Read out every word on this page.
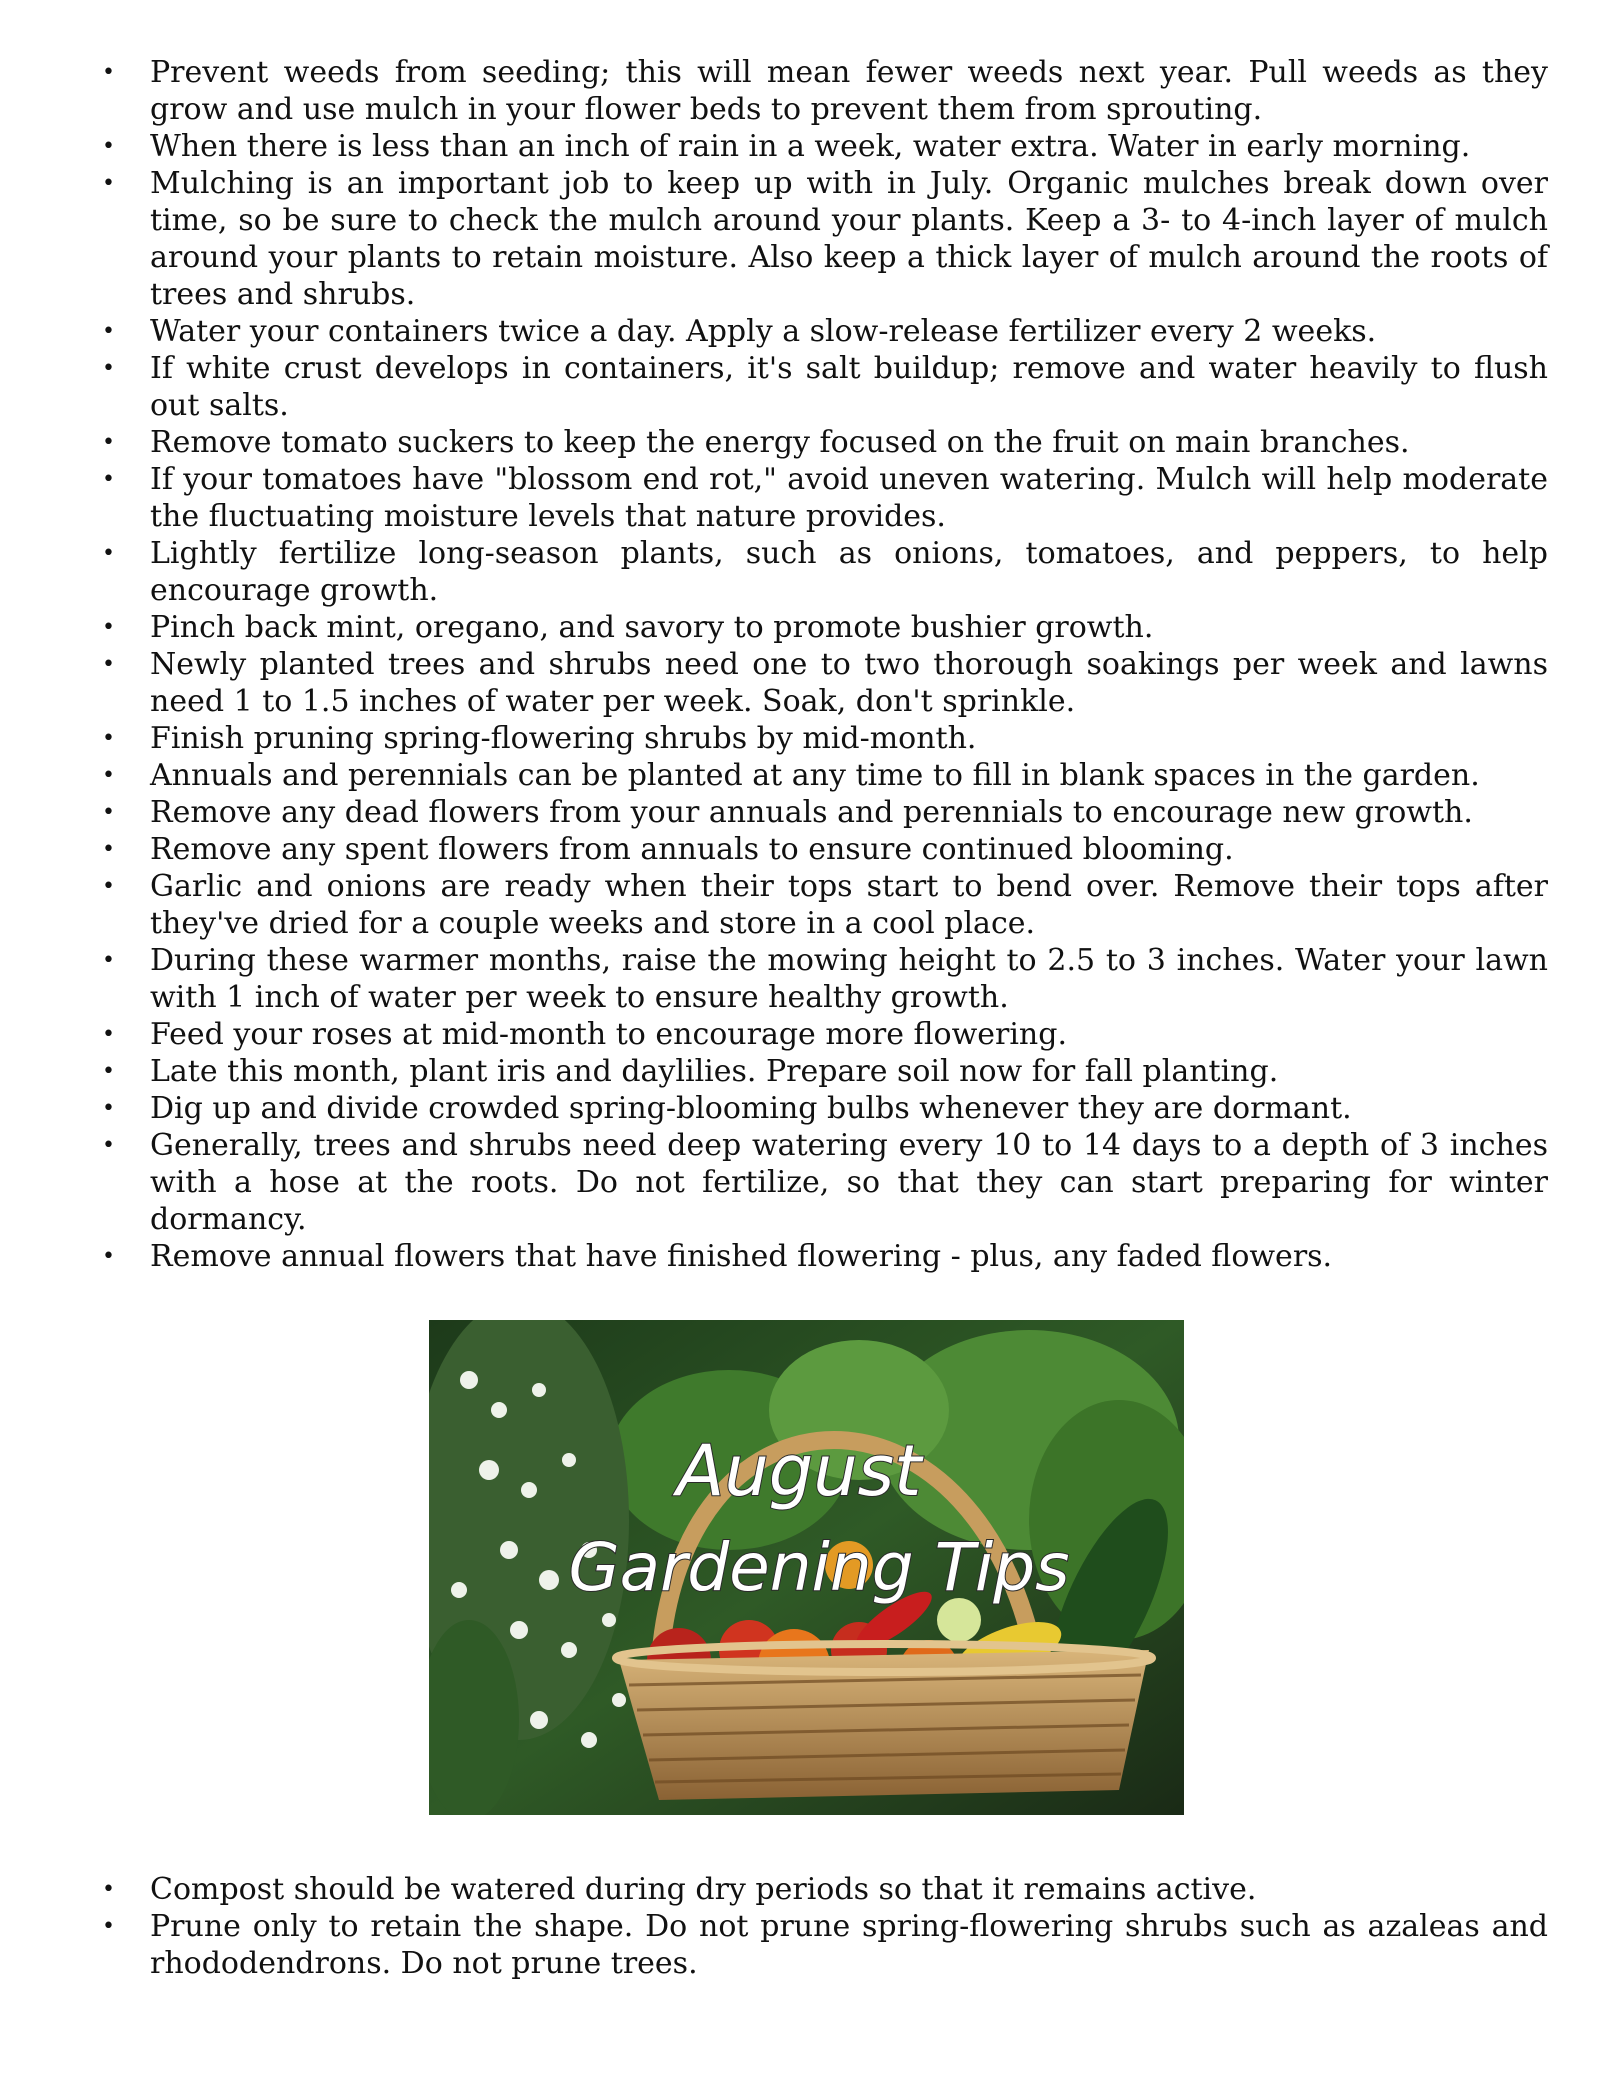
•	Prevent weeds from seeding; this will mean fewer weeds next year. Pull weeds as they grow and use mulch in your flower beds to prevent them from sprouting.
•	When there is less than an inch of rain in a week, water extra. Water in early morning.
•	Mulching is an important job to keep up with in July. Organic mulches break down over time, so be sure to check the mulch around your plants. Keep a 3- to 4-inch layer of mulch around your plants to retain moisture. Also keep a thick layer of mulch around the roots of trees and shrubs.
•	Water your containers twice a day. Apply a slow-release fertilizer every 2 weeks.
•	If white crust develops in containers, it's salt buildup; remove and water heavily to flush out salts.
•	Remove tomato suckers to keep the energy focused on the fruit on main branches.
•	If your tomatoes have "blossom end rot," avoid uneven watering. Mulch will help moderate the fluctuating moisture levels that nature provides.
•	Lightly fertilize long-season plants, such as onions, tomatoes, and peppers, to help encourage growth.
•	Pinch back mint, oregano, and savory to promote bushier growth.
•	Newly planted trees and shrubs need one to two thorough soakings per week and lawns need 1 to 1.5 inches of water per week. Soak, don't sprinkle.
•	Finish pruning spring-flowering shrubs by mid-month.
•	Annuals and perennials can be planted at any time to fill in blank spaces in the garden.
•	Remove any dead flowers from your annuals and perennials to encourage new growth.
•	Remove any spent flowers from annuals to ensure continued blooming.
•	Garlic and onions are ready when their tops start to bend over. Remove their tops after they've dried for a couple weeks and store in a cool place.
•	During these warmer months, raise the mowing height to 2.5 to 3 inches. Water your lawn with 1 inch of water per week to ensure healthy growth.
•	Feed your roses at mid-month to encourage more flowering.
•	Late this month, plant iris and daylilies. Prepare soil now for fall planting.
•	Dig up and divide crowded spring-blooming bulbs whenever they are dormant.
•	Generally, trees and shrubs need deep watering every 10 to 14 days to a depth of 3 inches with a hose at the roots. Do not fertilize, so that they can start preparing for winter dormancy.
•	Remove annual flowers that have finished flowering - plus, any faded flowers.
August
Gardening Tips
•	Compost should be watered during dry periods so that it remains active.
•	Prune only to retain the shape. Do not prune spring-flowering shrubs such as azaleas and rhododendrons. Do not prune trees.
